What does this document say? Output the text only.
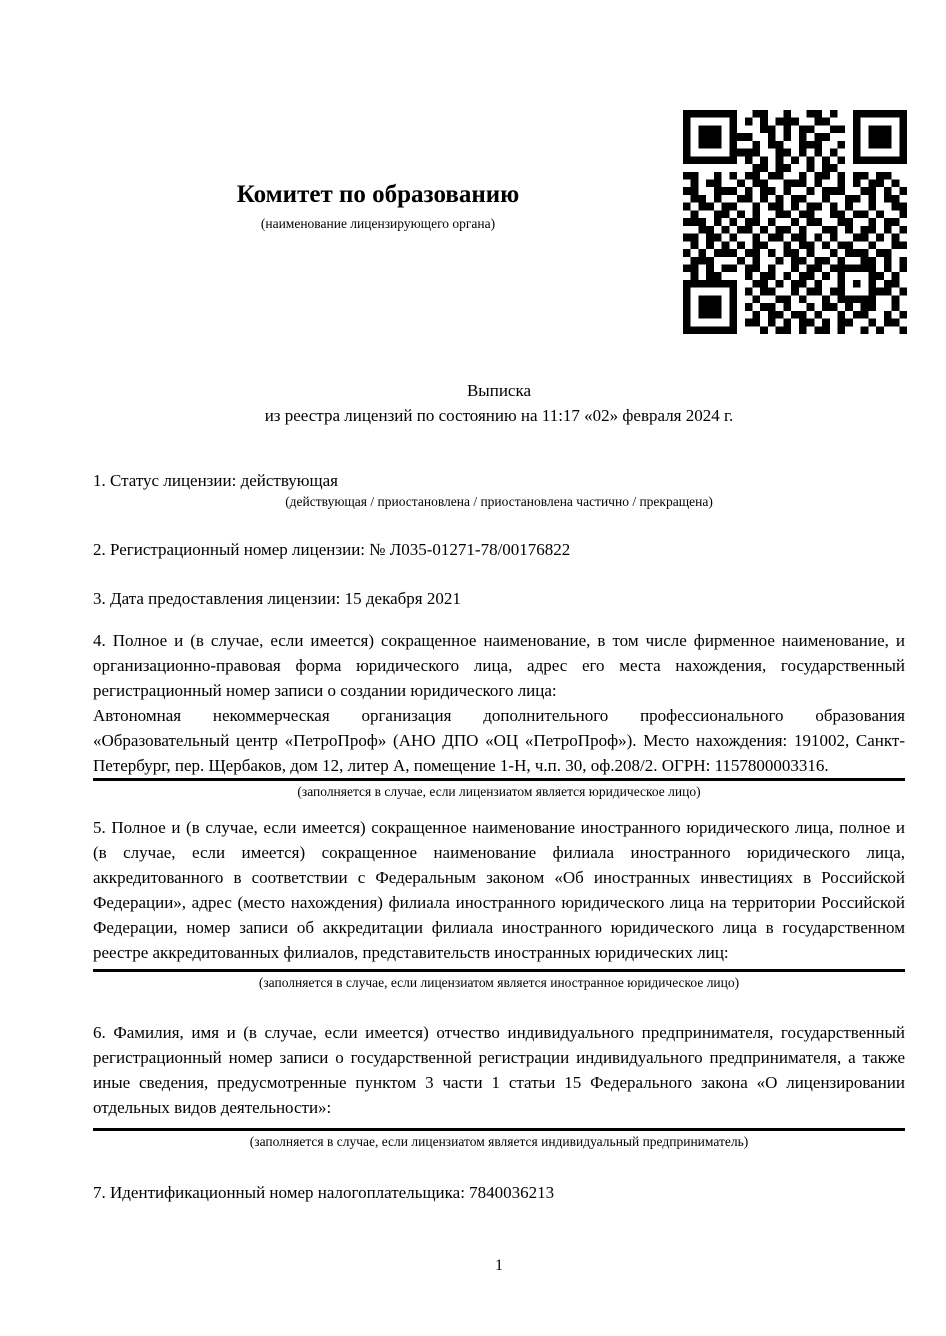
Комитет по образованию
(наименование лицензирующего органа)
Выписка
из реестра лицензий по состоянию на 11:17 «02» февраля 2024 г.
1. Статус лицензии: действующая
(действующая / приостановлена / приостановлена частично / прекращена)
2. Регистрационный номер лицензии: № Л035-01271-78/00176822
3. Дата предоставления лицензии: 15 декабря 2021
4. Полное и (в случае, если имеется) сокращенное наименование, в том числе фирменное наименование, и организационно-правовая форма юридического лица, адрес его места нахождения, государственный регистрационный номер записи о создании юридического лица:
Автономная некоммерческая организация дополнительного профессионального образования «Образовательный центр «ПетроПроф» (АНО ДПО «ОЦ «ПетроПроф»). Место нахождения: 191002, Санкт-Петербург, пер. Щербаков, дом 12, литер А, помещение 1-Н, ч.п. 30, оф.208/2. ОГРН: 1157800003316.
(заполняется в случае, если лицензиатом является юридическое лицо)
5. Полное и (в случае, если имеется) сокращенное наименование иностранного юридического лица, полное и (в случае, если имеется) сокращенное наименование филиала иностранного юридического лица, аккредитованного в соответствии с Федеральным законом «Об иностранных инвестициях в Российской Федерации», адрес (место нахождения) филиала иностранного юридического лица на территории Российской Федерации, номер записи об аккредитации филиала иностранного юридического лица в государственном реестре аккредитованных филиалов, представительств иностранных юридических лиц:
(заполняется в случае, если лицензиатом является иностранное юридическое лицо)
6. Фамилия, имя и (в случае, если имеется) отчество индивидуального предпринимателя, государственный регистрационный номер записи о государственной регистрации индивидуального предпринимателя, а также иные сведения, предусмотренные пунктом 3 части 1 статьи 15 Федерального закона «О лицензировании отдельных видов деятельности»:
(заполняется в случае, если лицензиатом является индивидуальный предприниматель)
7. Идентификационный номер налогоплательщика: 7840036213
1
